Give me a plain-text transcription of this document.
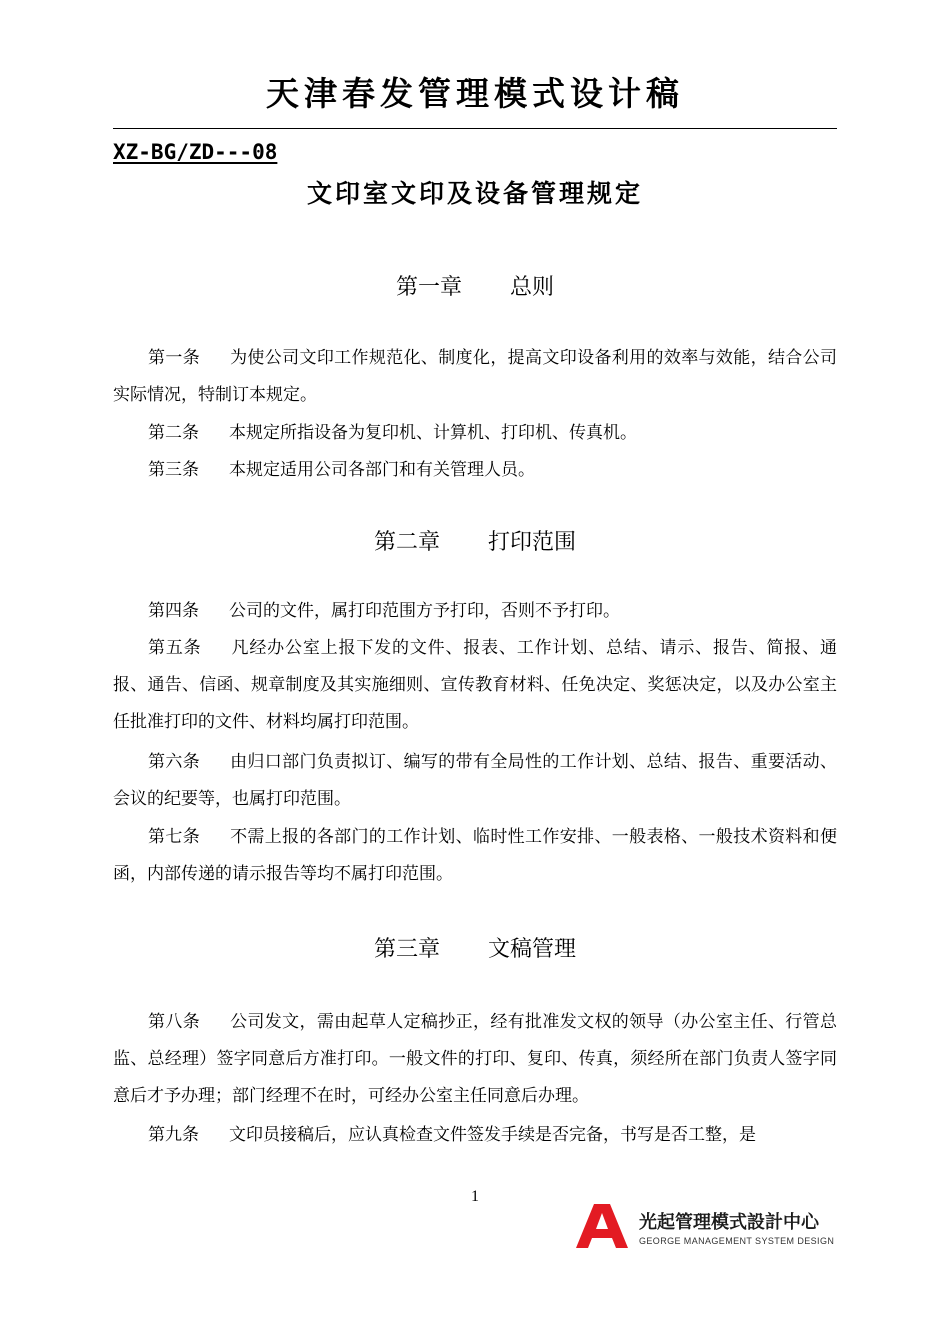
天津春发管理模式设计稿
XZ-BG/ZD---08
文印室文印及设备管理规定
第一章 总则
第一条 为使公司文印工作规范化、制度化，提高文印设备利用的效率与效能，结合公司实际情况，特制订本规定。
第二条 本规定所指设备为复印机、计算机、打印机、传真机。
第三条 本规定适用公司各部门和有关管理人员。
第二章 打印范围
第四条 公司的文件，属打印范围方予打印，否则不予打印。
第五条 凡经办公室上报下发的文件、报表、工作计划、总结、请示、报告、简报、通报、通告、信函、规章制度及其实施细则、宣传教育材料、任免决定、奖惩决定，以及办公室主任批准打印的文件、材料均属打印范围。
第六条 由归口部门负责拟订、编写的带有全局性的工作计划、总结、报告、重要活动、会议的纪要等，也属打印范围。
第七条 不需上报的各部门的工作计划、临时性工作安排、一般表格、一般技术资料和便函，内部传递的请示报告等均不属打印范围。
第三章 文稿管理
第八条 公司发文，需由起草人定稿抄正，经有批准发文权的领导（办公室主任、行管总监、总经理）签字同意后方准打印。一般文件的打印、复印、传真，须经所在部门负责人签字同意后才予办理；部门经理不在时，可经办公室主任同意后办理。
第九条 文印员接稿后，应认真检查文件签发手续是否完备，书写是否工整，是
1
光起管理模式設計中心
GEORGE MANAGEMENT SYSTEM DESIGN
